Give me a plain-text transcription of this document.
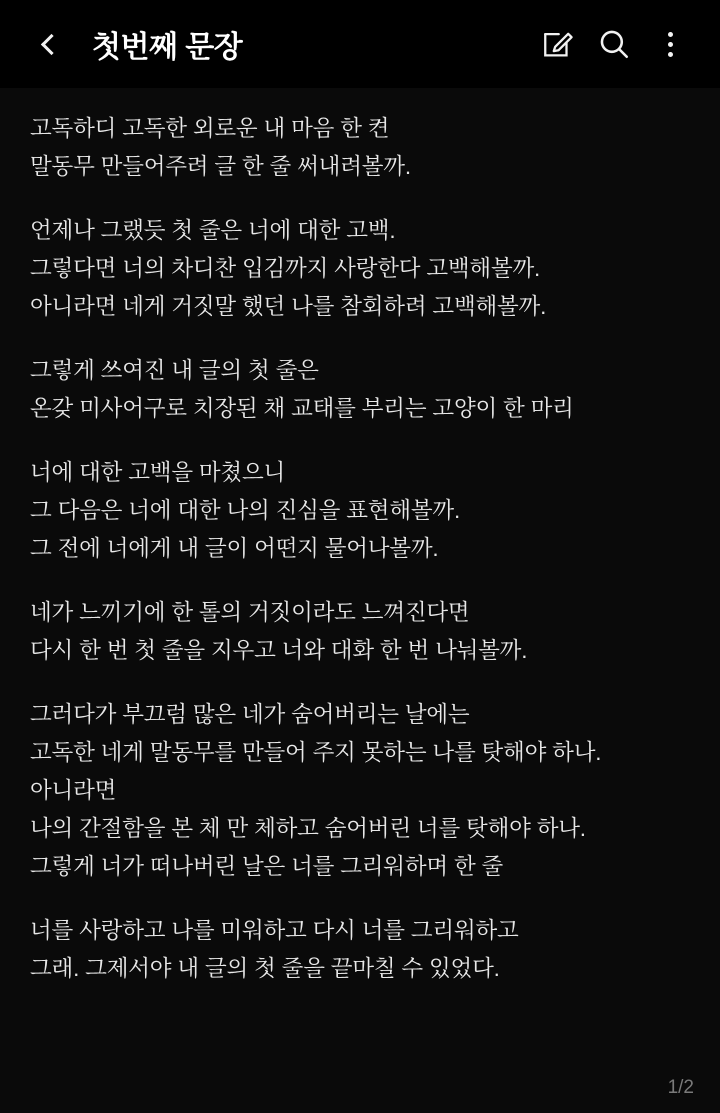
첫번째 문장
고독하디 고독한 외로운 내 마음 한 켠
말동무 만들어주려 글 한 줄 써내려볼까.
언제나 그랬듯 첫 줄은 너에 대한 고백.
그렇다면 너의 차디찬 입김까지 사랑한다 고백해볼까.
아니라면 네게 거짓말 했던 나를 참회하려 고백해볼까.
그렇게 쓰여진 내 글의 첫 줄은
온갖 미사어구로 치장된 채 교태를 부리는 고양이 한 마리
너에 대한 고백을 마쳤으니
그 다음은 너에 대한 나의 진심을 표현해볼까.
그 전에 너에게 내 글이 어떤지 물어나볼까.
네가 느끼기에 한 톨의 거짓이라도 느껴진다면
다시 한 번 첫 줄을 지우고 너와 대화 한 번 나눠볼까.
그러다가 부끄럼 많은 네가 숨어버리는 날에는
고독한 네게 말동무를 만들어 주지 못하는 나를 탓해야 하나.
아니라면
나의 간절함을 본 체 만 체하고 숨어버린 너를 탓해야 하나.
그렇게 너가 떠나버린 날은 너를 그리워하며 한 줄
너를 사랑하고 나를 미워하고 다시 너를 그리워하고
그래. 그제서야 내 글의 첫 줄을 끝마칠 수 있었다.
1/2
